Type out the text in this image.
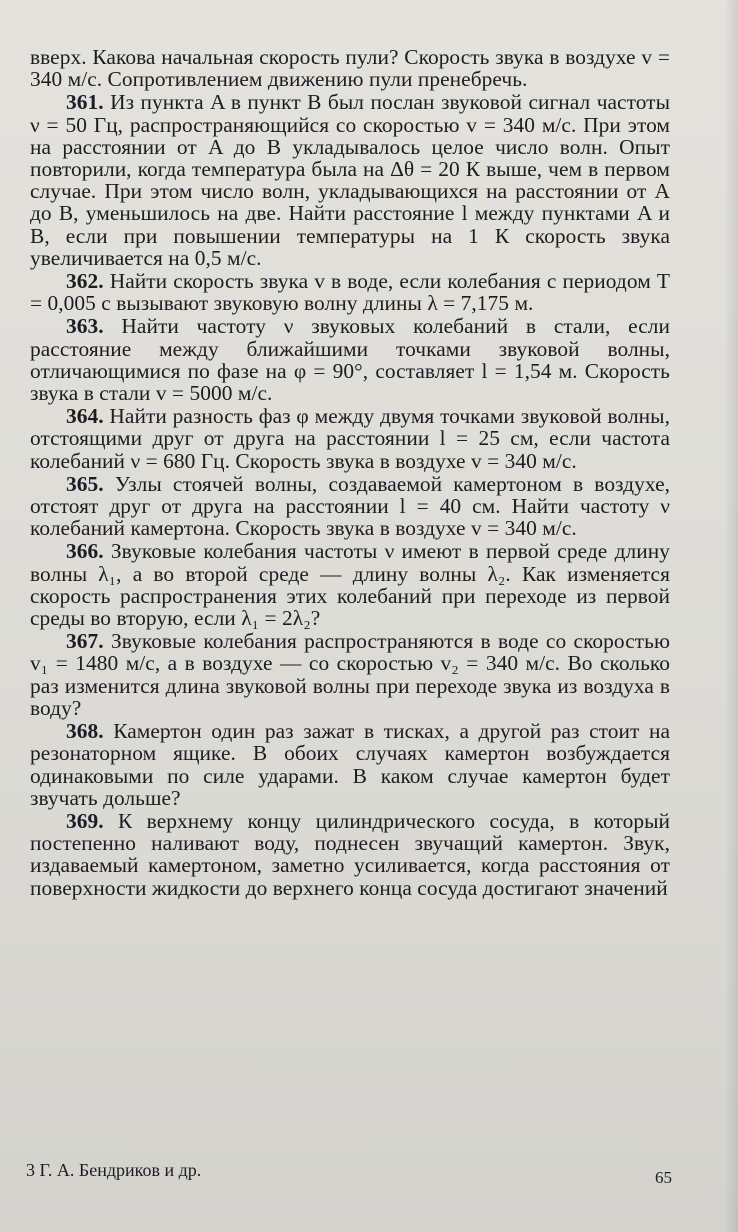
вверх. Какова начальная скорость пули? Скорость звука в воздухе v = 340 м/с. Сопротивлением движению пули пренебречь.

361. Из пункта A в пункт B был послан звуковой сигнал частоты ν = 50 Гц, распространяющийся со скоростью v = 340 м/с. При этом на расстоянии от A до B укладывалось целое число волн. Опыт повторили, когда температура была на Δθ = 20 К выше, чем в первом случае. При этом число волн, укладывающихся на расстоянии от A до B, уменьшилось на две. Найти расстояние l между пунктами A и B, если при повышении температуры на 1 К скорость звука увеличивается на 0,5 м/с.

362. Найти скорость звука v в воде, если колебания с периодом T = 0,005 с вызывают звуковую волну длины λ = 7,175 м.

363. Найти частоту ν звуковых колебаний в стали, если расстояние между ближайшими точками звуковой волны, отличающимися по фазе на φ = 90°, составляет l = 1,54 м. Скорость звука в стали v = 5000 м/с.

364. Найти разность фаз φ между двумя точками звуковой волны, отстоящими друг от друга на расстоянии l = 25 см, если частота колебаний ν = 680 Гц. Скорость звука в воздухе v = 340 м/с.

365. Узлы стоячей волны, создаваемой камертоном в воздухе, отстоят друг от друга на расстоянии l = 40 см. Найти частоту ν колебаний камертона. Скорость звука в воздухе v = 340 м/с.

366. Звуковые колебания частоты ν имеют в первой среде длину волны λ₁, а во второй среде — длину волны λ₂. Как изменяется скорость распространения этих колебаний при переходе из первой среды во вторую, если λ₁ = 2λ₂?

367. Звуковые колебания распространяются в воде со скоростью v₁ = 1480 м/с, а в воздухе — со скоростью v₂ = 340 м/с. Во сколько раз изменится длина звуковой волны при переходе звука из воздуха в воду?

368. Камертон один раз зажат в тисках, а другой раз стоит на резонаторном ящике. В обоих случаях камертон возбуждается одинаковыми по силе ударами. В каком случае камертон будет звучать дольше?

369. К верхнему концу цилиндрического сосуда, в который постепенно наливают воду, поднесен звучащий камертон. Звук, издаваемый камертоном, заметно усиливается, когда расстояния от поверхности жидкости до верхнего конца сосуда достигают значений

3 Г. А. Бендриков и др.	65
